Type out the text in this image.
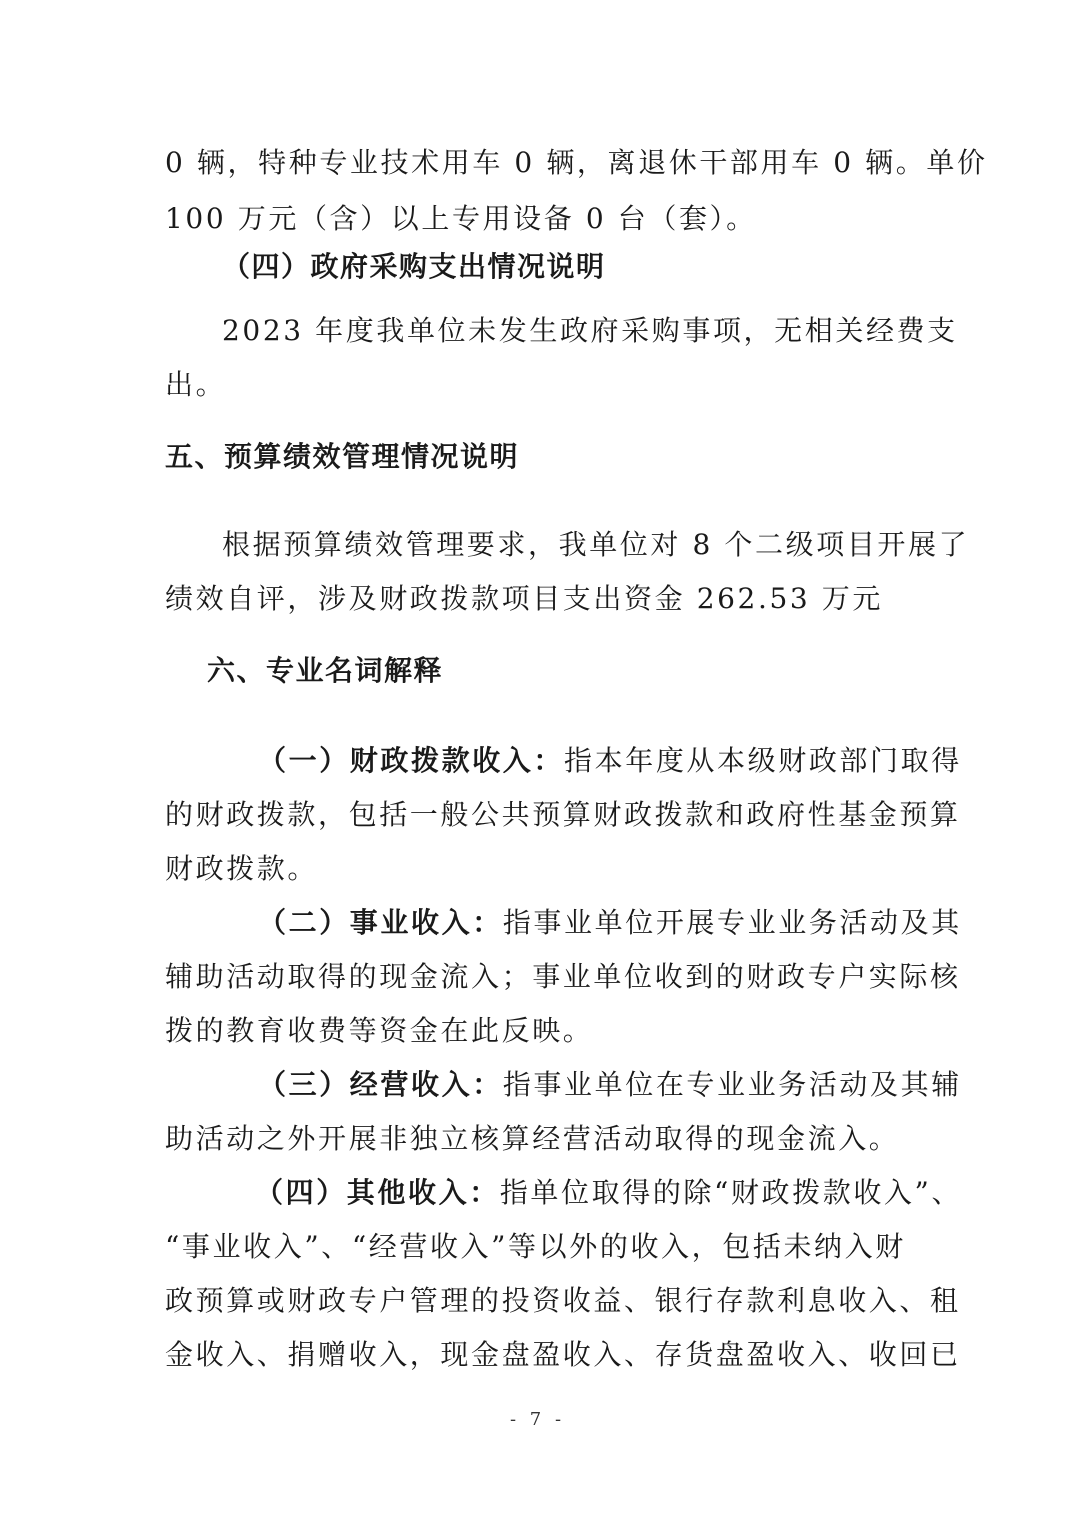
0 辆，特种专业技术用车 0 辆，离退休干部用车 0 辆。单价
100 万元（含）以上专用设备 0 台（套）。
（四）政府采购支出情况说明
2023 年度我单位未发生政府采购事项，无相关经费支
出。
五、预算绩效管理情况说明
根据预算绩效管理要求，我单位对 8 个二级项目开展了
绩效自评，涉及财政拨款项目支出资金 262.53 万元
六、专业名词解释
（一）财政拨款收入：指本年度从本级财政部门取得
的财政拨款，包括一般公共预算财政拨款和政府性基金预算
财政拨款。
（二）事业收入：指事业单位开展专业业务活动及其
辅助活动取得的现金流入；事业单位收到的财政专户实际核
拨的教育收费等资金在此反映。
（三）经营收入：指事业单位在专业业务活动及其辅
助活动之外开展非独立核算经营活动取得的现金流入。
（四）其他收入：指单位取得的除“财政拨款收入”、
“事业收入”、“经营收入”等以外的收入，包括未纳入财
政预算或财政专户管理的投资收益、银行存款利息收入、租
金收入、捐赠收入，现金盘盈收入、存货盘盈收入、收回已
- 7 -
